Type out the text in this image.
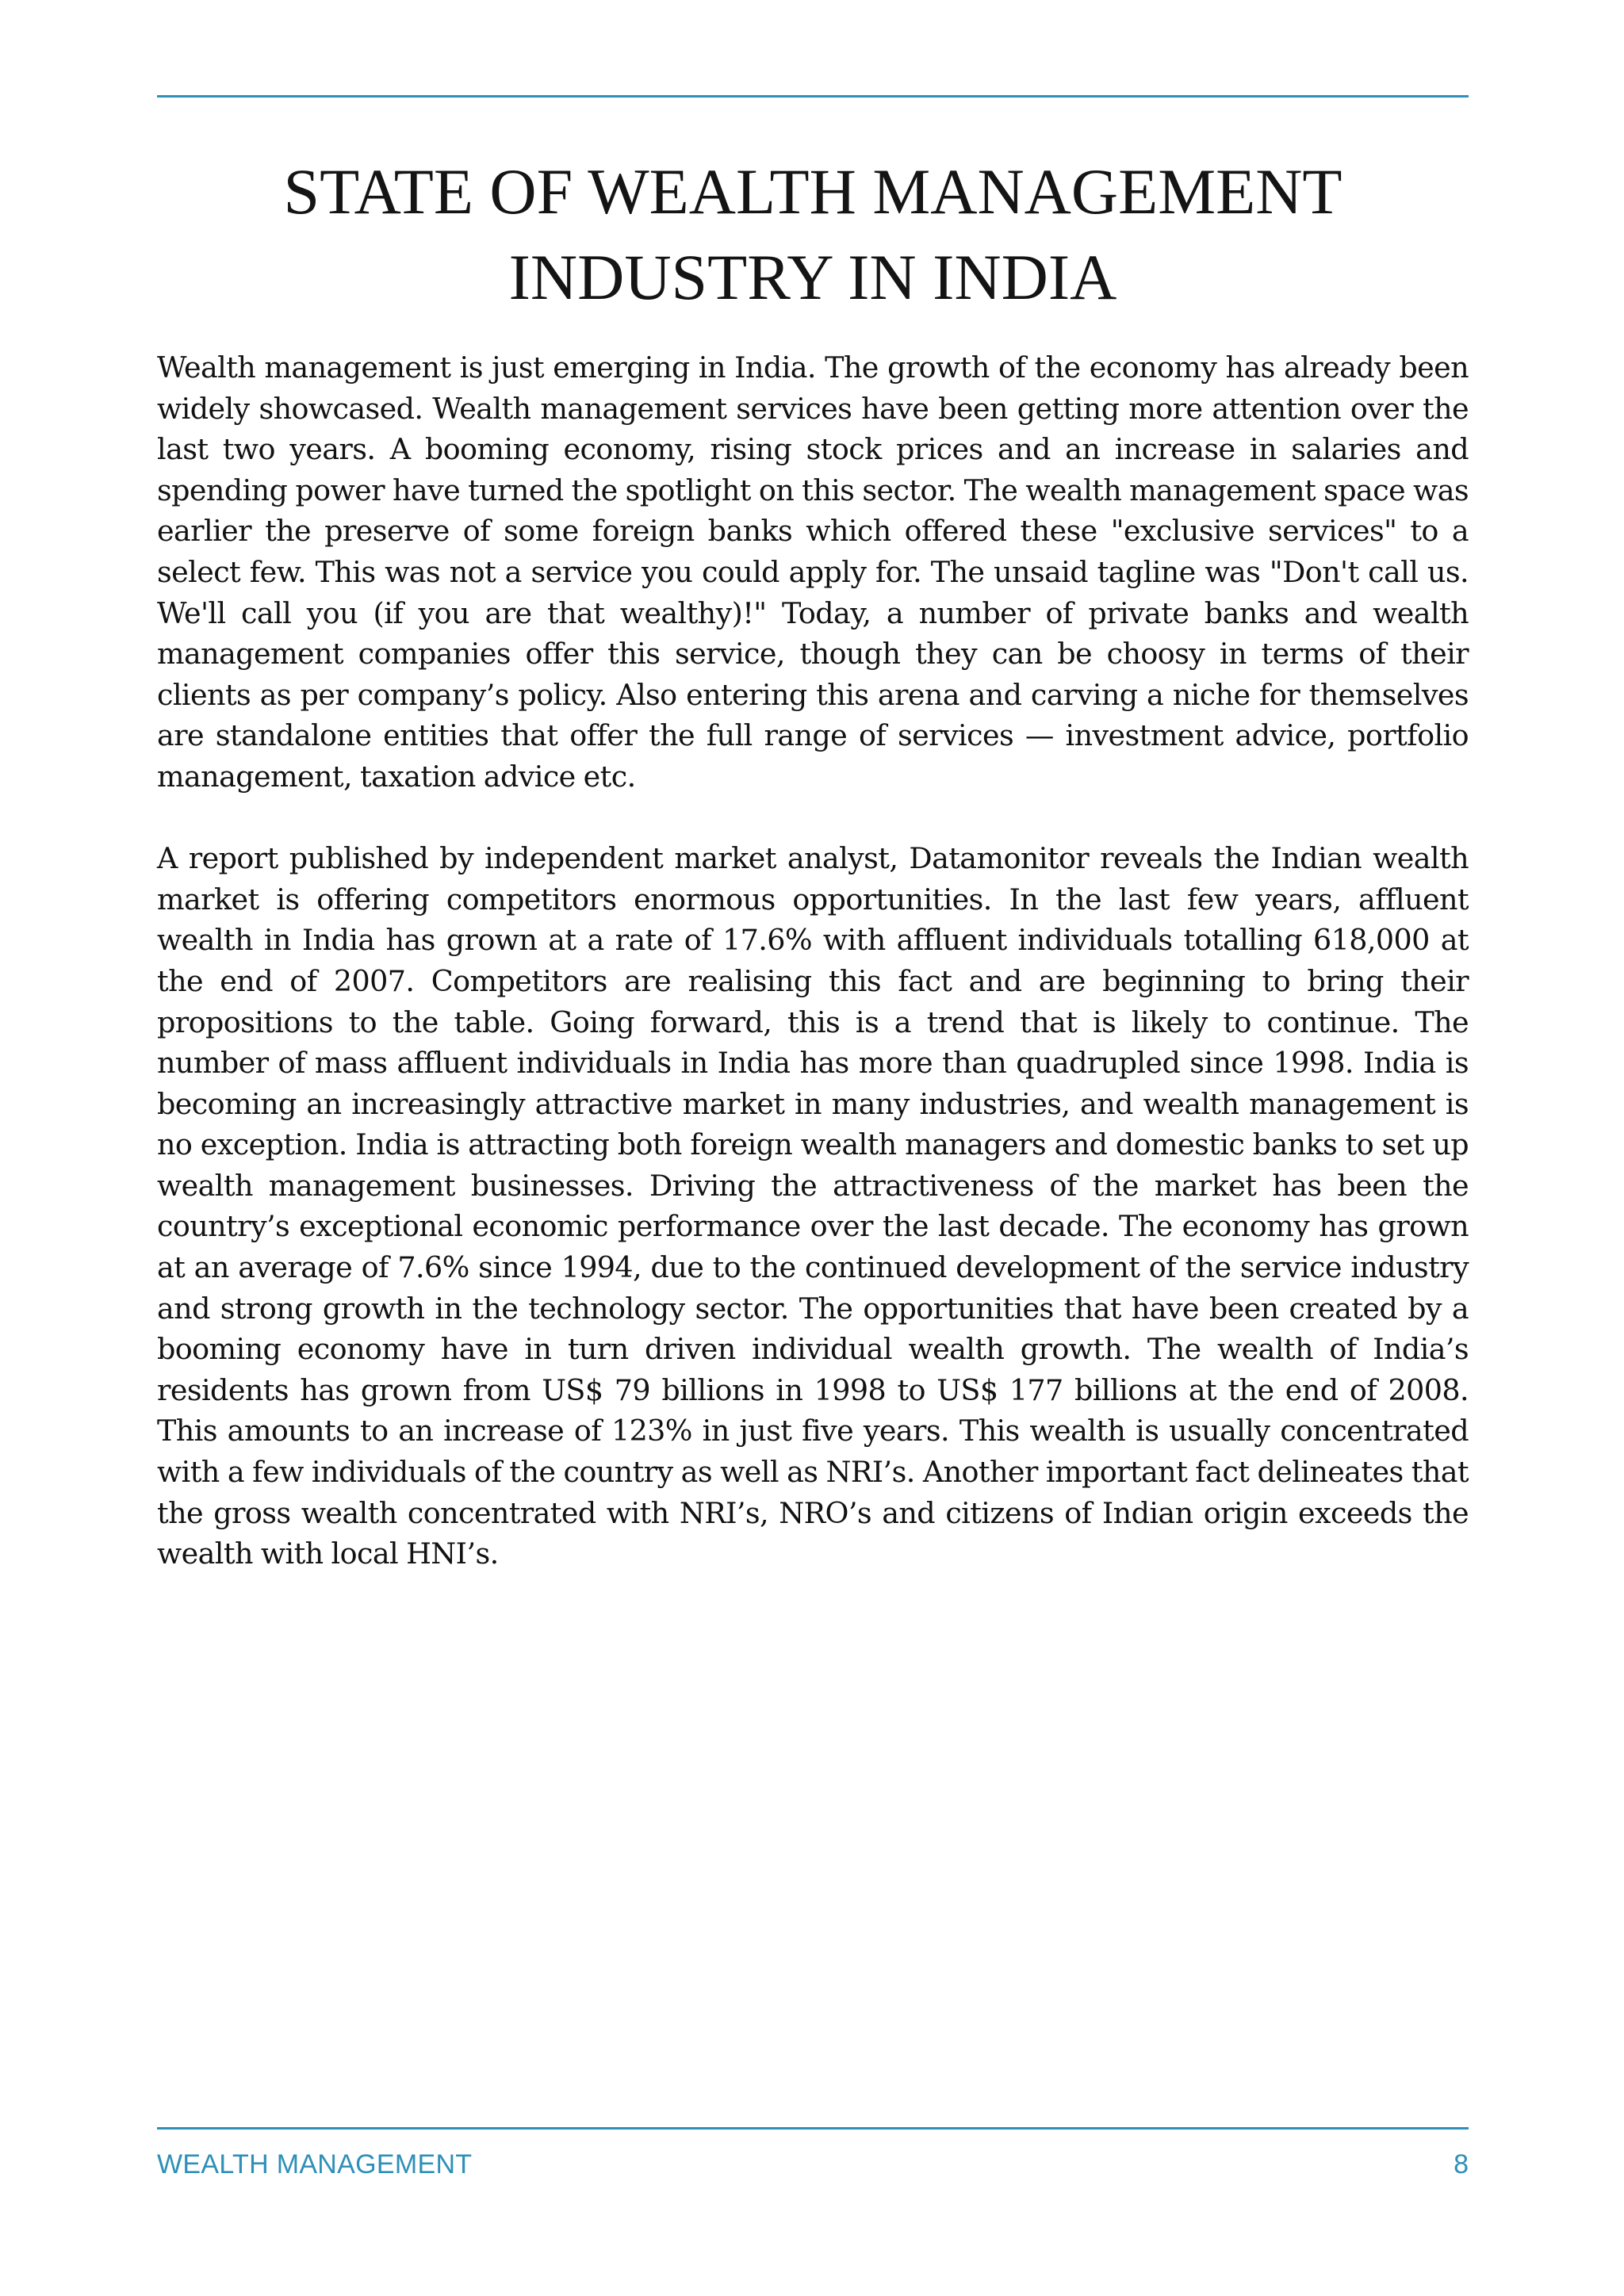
STATE OF WEALTH MANAGEMENT
INDUSTRY IN INDIA

Wealth management is just emerging in India. The growth of the economy has already been widely showcased. Wealth management services have been getting more attention over the last two years. A booming economy, rising stock prices and an increase in salaries and spending power have turned the spotlight on this sector. The wealth management space was earlier the preserve of some foreign banks which offered these "exclusive services" to a select few. This was not a service you could apply for. The unsaid tagline was "Don't call us. We'll call you (if you are that wealthy)!" Today, a number of private banks and wealth management companies offer this service, though they can be choosy in terms of their clients as per company’s policy. Also entering this arena and carving a niche for themselves are standalone entities that offer the full range of services — investment advice, portfolio management, taxation advice etc.

A report published by independent market analyst, Datamonitor reveals the Indian wealth market is offering competitors enormous opportunities. In the last few years, affluent wealth in India has grown at a rate of 17.6% with affluent individuals totalling 618,000 at the end of 2007. Competitors are realising this fact and are beginning to bring their propositions to the table. Going forward, this is a trend that is likely to continue. The number of mass affluent individuals in India has more than quadrupled since 1998. India is becoming an increasingly attractive market in many industries, and wealth management is no exception. India is attracting both foreign wealth managers and domestic banks to set up wealth management businesses. Driving the attractiveness of the market has been the country’s exceptional economic performance over the last decade. The economy has grown at an average of 7.6% since 1994, due to the continued development of the service industry and strong growth in the technology sector. The opportunities that have been created by a booming economy have in turn driven individual wealth growth. The wealth of India’s residents has grown from US$ 79 billions in 1998 to US$ 177 billions at the end of 2008. This amounts to an increase of 123% in just five years. This wealth is usually concentrated with a few individuals of the country as well as NRI’s. Another important fact delineates that the gross wealth concentrated with NRI’s, NRO’s and citizens of Indian origin exceeds the wealth with local HNI’s.

WEALTH MANAGEMENT	8
